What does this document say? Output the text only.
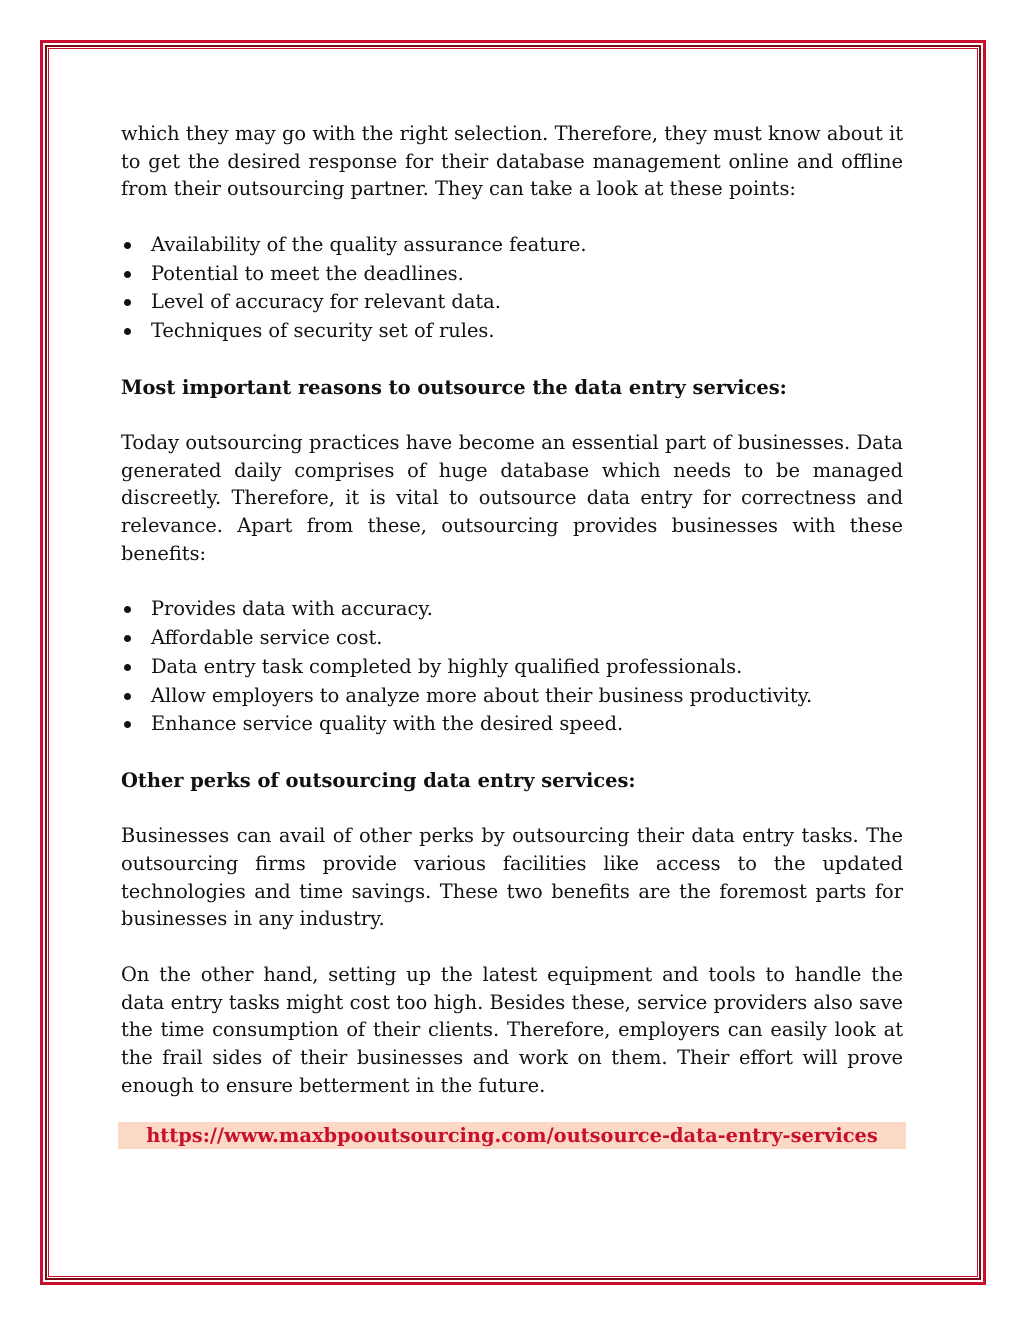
which they may go with the right selection. Therefore, they must know about it to get the desired response for their database management online and offline from their outsourcing partner. They can take a look at these points:

Availability of the quality assurance feature.
Potential to meet the deadlines.
Level of accuracy for relevant data.
Techniques of security set of rules.
Most important reasons to outsource the data entry services:

Today outsourcing practices have become an essential part of businesses. Data generated daily comprises of huge database which needs to be managed discreetly. Therefore, it is vital to outsource data entry for correctness and relevance. Apart from these, outsourcing provides businesses with these benefits:

Provides data with accuracy.
Affordable service cost.
Data entry task completed by highly qualified professionals.
Allow employers to analyze more about their business productivity.
Enhance service quality with the desired speed.
Other perks of outsourcing data entry services:

Businesses can avail of other perks by outsourcing their data entry tasks. The outsourcing firms provide various facilities like access to the updated technologies and time savings. These two benefits are the foremost parts for businesses in any industry.

On the other hand, setting up the latest equipment and tools to handle the data entry tasks might cost too high. Besides these, service providers also save the time consumption of their clients. Therefore, employers can easily look at the frail sides of their businesses and work on them. Their effort will prove enough to ensure betterment in the future.

https://www.maxbpooutsourcing.com/outsource-data-entry-services
